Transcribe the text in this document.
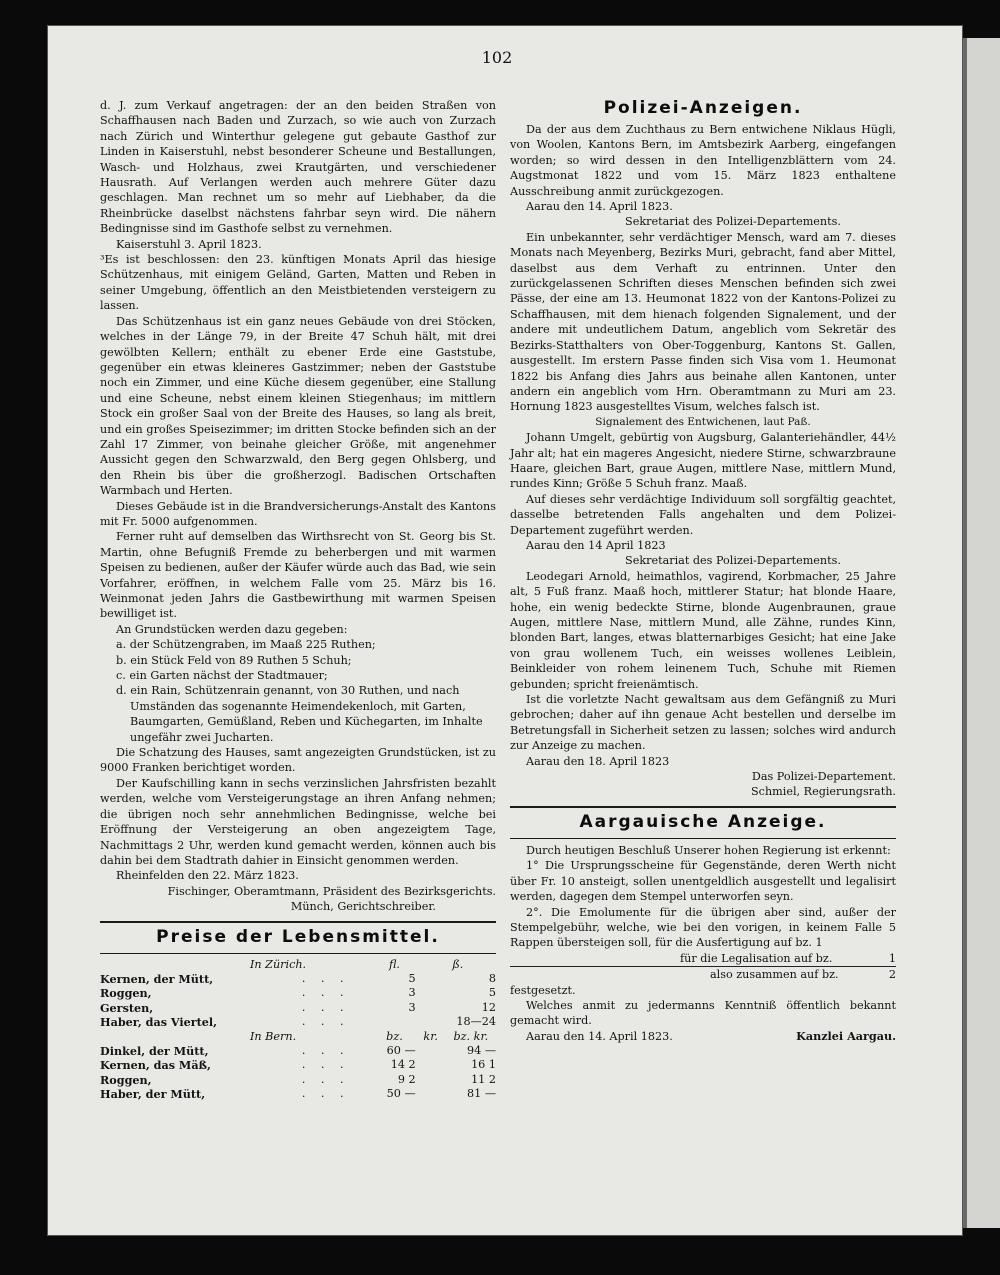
102

d. J. zum Verkauf angetragen: der an den beiden Straßen von Schaffhausen nach Baden und Zurzach, so wie auch von Zurzach nach Zürich und Winterthur gelegene gut gebaute Gasthof zur Linden in Kaiserstuhl, nebst besonderer Scheune und Bestallungen, Wasch- und Holzhaus, zwei Krautgärten, und verschiedener Hausrath. Auf Verlangen werden auch mehrere Güter dazu geschlagen. Man rechnet um so mehr auf Liebhaber, da die Rheinbrücke daselbst nächstens fahrbar seyn wird. Die nähern Bedingnisse sind im Gasthofe selbst zu vernehmen.

Kaiserstuhl 3. April 1823.

³Es ist beschlossen: den 23. künftigen Monats April das hiesige Schützenhaus, mit einigem Geländ, Garten, Matten und Reben in seiner Umgebung, öffentlich an den Meistbietenden versteigern zu lassen.

Das Schützenhaus ist ein ganz neues Gebäude von drei Stöcken, welches in der Länge 79, in der Breite 47 Schuh hält, mit drei gewölbten Kellern; enthält zu ebener Erde eine Gaststube, gegenüber ein etwas kleineres Gastzimmer; neben der Gaststube noch ein Zimmer, und eine Küche diesem gegenüber, eine Stallung und eine Scheune, nebst einem kleinen Stiegenhaus; im mittlern Stock ein großer Saal von der Breite des Hauses, so lang als breit, und ein großes Speisezimmer; im dritten Stocke befinden sich an der Zahl 17 Zimmer, von beinahe gleicher Größe, mit angenehmer Aussicht gegen den Schwarzwald, den Berg gegen Ohlsberg, und den Rhein bis über die großherzogl. Badischen Ortschaften Warmbach und Herten.

Dieses Gebäude ist in die Brandversicherungs-Anstalt des Kantons mit Fr. 5000 aufgenommen.

Ferner ruht auf demselben das Wirthsrecht von St. Georg bis St. Martin, ohne Befugniß Fremde zu beherbergen und mit warmen Speisen zu bedienen, außer der Käufer würde auch das Bad, wie sein Vorfahrer, eröffnen, in welchem Falle vom 25. März bis 16. Weinmonat jeden Jahrs die Gastbewirthung mit warmen Speisen bewilliget ist.

An Grundstücken werden dazu gegeben:

a. der Schützengraben, im Maaß 225 Ruthen;
b. ein Stück Feld von 89 Ruthen 5 Schuh;
c. ein Garten nächst der Stadtmauer;
d. ein Rain, Schützenrain genannt, von 30 Ruthen, und nach Umständen das sogenannte Heimendekenloch, mit Garten, Baumgarten, Gemüßland, Reben und Küchegarten, im Inhalte ungefähr zwei Jucharten.

Die Schatzung des Hauses, samt angezeigten Grundstücken, ist zu 9000 Franken berichtiget worden.

Der Kaufschilling kann in sechs verzinslichen Jahrsfristen bezahlt werden, welche vom Versteigerungstage an ihren Anfang nehmen; die übrigen noch sehr annehmlichen Bedingnisse, welche bei Eröffnung der Versteigerung an oben angezeigtem Tage, Nachmittags 2 Uhr, werden kund gemacht werden, können auch bis dahin bei dem Stadtrath dahier in Einsicht genommen werden.

Rheinfelden den 22. März 1823.

Fischinger, Oberamtmann, Präsident des Bezirksgerichts.

Münch, Gerichtschreiber.

Preise der Lebensmittel.
In Zürich.		fl.	ß.	
Kernen, der Mütt,	. . .	5	8	
Roggen,	. . .	3	5	
Gersten,	. . .	3	12	
Haber, das Viertel,	. . .		18—24	
In Bern.		bz.	kr.	bz. kr.
Dinkel, der Mütt,	. . .	60 —	94 —	
Kernen, das Mäß,	. . .	14 2	16 1	
Roggen,	. . .	9 2	11 2	
Haber, der Mütt,	. . .	50 —	81 —	
Polizei-Anzeigen.

Da der aus dem Zuchthaus zu Bern entwichene Niklaus Hügli, von Woolen, Kantons Bern, im Amtsbezirk Aarberg, eingefangen worden; so wird dessen in den Intelligenzblättern vom 24. Augstmonat 1822 und vom 15. März 1823 enthaltene Ausschreibung anmit zurückgezogen.

Aarau den 14. April 1823.

Sekretariat des Polizei-Departements.

Ein unbekannter, sehr verdächtiger Mensch, ward am 7. dieses Monats nach Meyenberg, Bezirks Muri, gebracht, fand aber Mittel, daselbst aus dem Verhaft zu entrinnen. Unter den zurückgelassenen Schriften dieses Menschen befinden sich zwei Pässe, der eine am 13. Heumonat 1822 von der Kantons-Polizei zu Schaffhausen, mit dem hienach folgenden Signalement, und der andere mit undeutlichem Datum, angeblich vom Sekretär des Bezirks-Statthalters von Ober-Toggenburg, Kantons St. Gallen, ausgestellt. Im erstern Passe finden sich Visa vom 1. Heumonat 1822 bis Anfang dies Jahrs aus beinahe allen Kantonen, unter andern ein angeblich vom Hrn. Oberamtmann zu Muri am 23. Hornung 1823 ausgestelltes Visum, welches falsch ist.

Signalement des Entwichenen, laut Paß.

Johann Umgelt, gebürtig von Augsburg, Galanteriehändler, 44½ Jahr alt; hat ein mageres Angesicht, niedere Stirne, schwarzbraune Haare, gleichen Bart, graue Augen, mittlere Nase, mittlern Mund, rundes Kinn; Größe 5 Schuh franz. Maaß.

Auf dieses sehr verdächtige Individuum soll sorgfältig geachtet, dasselbe betretenden Falls angehalten und dem Polizei-Departement zugeführt werden.

Aarau den 14 April 1823

Sekretariat des Polizei-Departements.

Leodegari Arnold, heimathlos, vagirend, Korbmacher, 25 Jahre alt, 5 Fuß franz. Maaß hoch, mittlerer Statur; hat blonde Haare, hohe, ein wenig bedeckte Stirne, blonde Augenbraunen, graue Augen, mittlere Nase, mittlern Mund, alle Zähne, rundes Kinn, blonden Bart, langes, etwas blatternarbiges Gesicht; hat eine Jake von grau wollenem Tuch, ein weisses wollenes Leiblein, Beinkleider von rohem leinenem Tuch, Schuhe mit Riemen gebunden; spricht freienämtisch.

Ist die vorletzte Nacht gewaltsam aus dem Gefängniß zu Muri gebrochen; daher auf ihn genaue Acht bestellen und derselbe im Betretungsfall in Sicherheit setzen zu lassen; solches wird andurch zur Anzeige zu machen.

Aarau den 18. April 1823

Das Polizei-Departement.

Schmiel, Regierungsrath.

Aargauische Anzeige.

Durch heutigen Beschluß Unserer hohen Regierung ist erkennt:

1° Die Ursprungsscheine für Gegenstände, deren Werth nicht über Fr. 10 ansteigt, sollen unentgeldlich ausgestellt und legalisirt werden, dagegen dem Stempel unterworfen seyn.

2°. Die Emolumente für die übrigen aber sind, außer der Stempelgebühr, welche, wie bei den vorigen, in keinem Falle 5 Rappen übersteigen soll, für die Ausfertigung auf bz. 1

für die Legalisation auf bz.	1
also zusammen auf bz.	2

festgesetzt.

Welches anmit zu jedermanns Kenntniß öffentlich bekannt gemacht wird.

Aarau den 14. April 1823.	Kanzlei Aargau.
